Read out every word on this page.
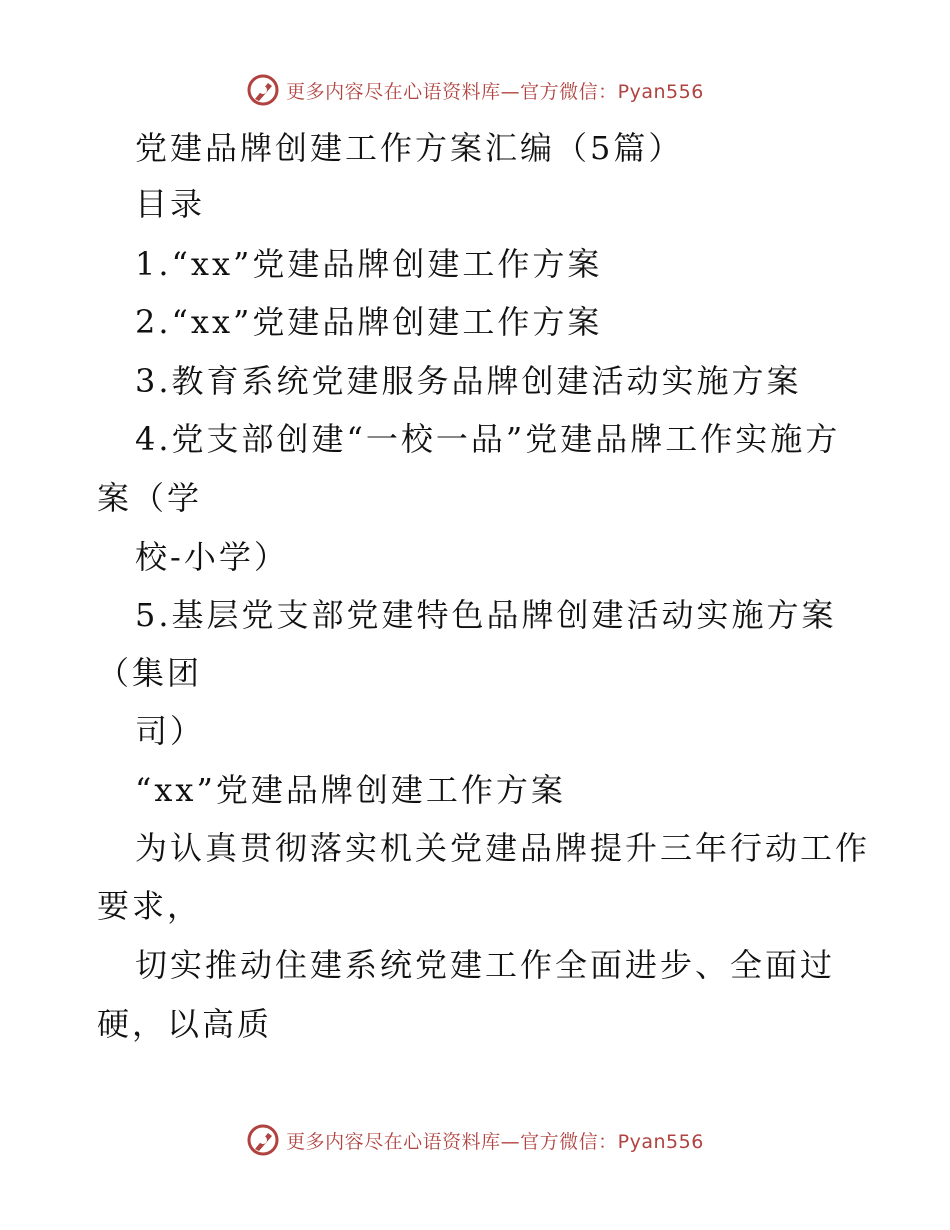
更多内容尽在心语资料库—官方微信：Pyan556
党建品牌创建工作方案汇编（5篇）
目录
1.“xx”党建品牌创建工作方案
2.“xx”党建品牌创建工作方案
3.教育系统党建服务品牌创建活动实施方案
4.党支部创建“一校一品”党建品牌工作实施方
案（学
校-小学）
5.基层党支部党建特色品牌创建活动实施方案
（集团
司）
“xx”党建品牌创建工作方案
为认真贯彻落实机关党建品牌提升三年行动工作
要求，
切实推动住建系统党建工作全面进步、全面过
硬，以高质
更多内容尽在心语资料库—官方微信：Pyan556
